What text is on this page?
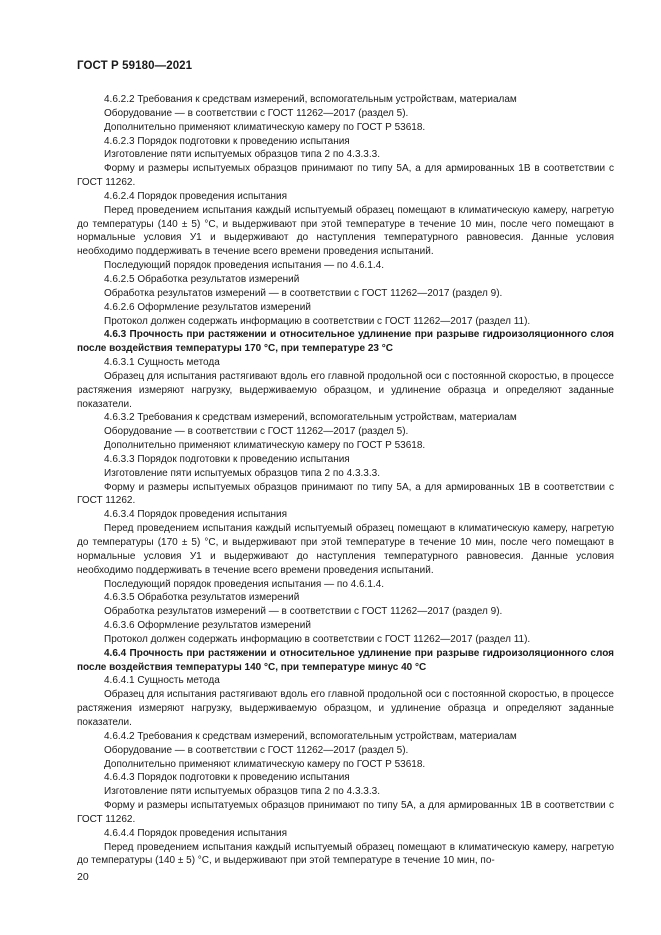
ГОСТ Р 59180—2021

4.6.2.2 Требования к средствам измерений, вспомогательным устройствам, материалам

Оборудование — в соответствии с ГОСТ 11262—2017 (раздел 5).

Дополнительно применяют климатическую камеру по ГОСТ Р 53618.

4.6.2.3 Порядок подготовки к проведению испытания

Изготовление пяти испытуемых образцов типа 2 по 4.3.3.3.

Форму и размеры испытуемых образцов принимают по типу 5А, а для армированных 1В в соответствии с ГОСТ 11262.

4.6.2.4 Порядок проведения испытания

Перед проведением испытания каждый испытуемый образец помещают в климатическую камеру, нагретую до температуры (140 ± 5) °С, и выдерживают при этой температуре в течение 10 мин, после чего помещают в нормальные условия У1 и выдерживают до наступления температурного равновесия. Данные условия необходимо поддерживать в течение всего времени проведения испытаний.

Последующий порядок проведения испытания — по 4.6.1.4.

4.6.2.5 Обработка результатов измерений

Обработка результатов измерений — в соответствии с ГОСТ 11262—2017 (раздел 9).

4.6.2.6 Оформление результатов измерений

Протокол должен содержать информацию в соответствии с ГОСТ 11262—2017 (раздел 11).

4.6.3 Прочность при растяжении и относительное удлинение при разрыве гидроизоляционного слоя после воздействия температуры 170 °С, при температуре 23 °С

4.6.3.1 Сущность метода

Образец для испытания растягивают вдоль его главной продольной оси с постоянной скоростью, в процессе растяжения измеряют нагрузку, выдерживаемую образцом, и удлинение образца и определяют заданные показатели.

4.6.3.2 Требования к средствам измерений, вспомогательным устройствам, материалам

Оборудование — в соответствии с ГОСТ 11262—2017 (раздел 5).

Дополнительно применяют климатическую камеру по ГОСТ Р 53618.

4.6.3.3 Порядок подготовки к проведению испытания

Изготовление пяти испытуемых образцов типа 2 по 4.3.3.3.

Форму и размеры испытуемых образцов принимают по типу 5А, а для армированных 1В в соответствии с ГОСТ 11262.

4.6.3.4 Порядок проведения испытания

Перед проведением испытания каждый испытуемый образец помещают в климатическую камеру, нагретую до температуры (170 ± 5) °С, и выдерживают при этой температуре в течение 10 мин, после чего помещают в нормальные условия У1 и выдерживают до наступления температурного равновесия. Данные условия необходимо поддерживать в течение всего времени проведения испытаний.

Последующий порядок проведения испытания — по 4.6.1.4.

4.6.3.5 Обработка результатов измерений

Обработка результатов измерений — в соответствии с ГОСТ 11262—2017 (раздел 9).

4.6.3.6 Оформление результатов измерений

Протокол должен содержать информацию в соответствии с ГОСТ 11262—2017 (раздел 11).

4.6.4 Прочность при растяжении и относительное удлинение при разрыве гидроизоляционного слоя после воздействия температуры 140 °С, при температуре минус 40 °С

4.6.4.1 Сущность метода

Образец для испытания растягивают вдоль его главной продольной оси с постоянной скоростью, в процессе растяжения измеряют нагрузку, выдерживаемую образцом, и удлинение образца и определяют заданные показатели.

4.6.4.2 Требования к средствам измерений, вспомогательным устройствам, материалам

Оборудование — в соответствии с ГОСТ 11262—2017 (раздел 5).

Дополнительно применяют климатическую камеру по ГОСТ Р 53618.

4.6.4.3 Порядок подготовки к проведению испытания

Изготовление пяти испытуемых образцов типа 2 по 4.3.3.3.

Форму и размеры испытатуемых образцов принимают по типу 5А, а для армированных 1В в соответствии с ГОСТ 11262.

4.6.4.4 Порядок проведения испытания

Перед проведением испытания каждый испытуемый образец помещают в климатическую камеру, нагретую до температуры (140 ± 5) °С, и выдерживают при этой температуре в течение 10 мин, по-

20
